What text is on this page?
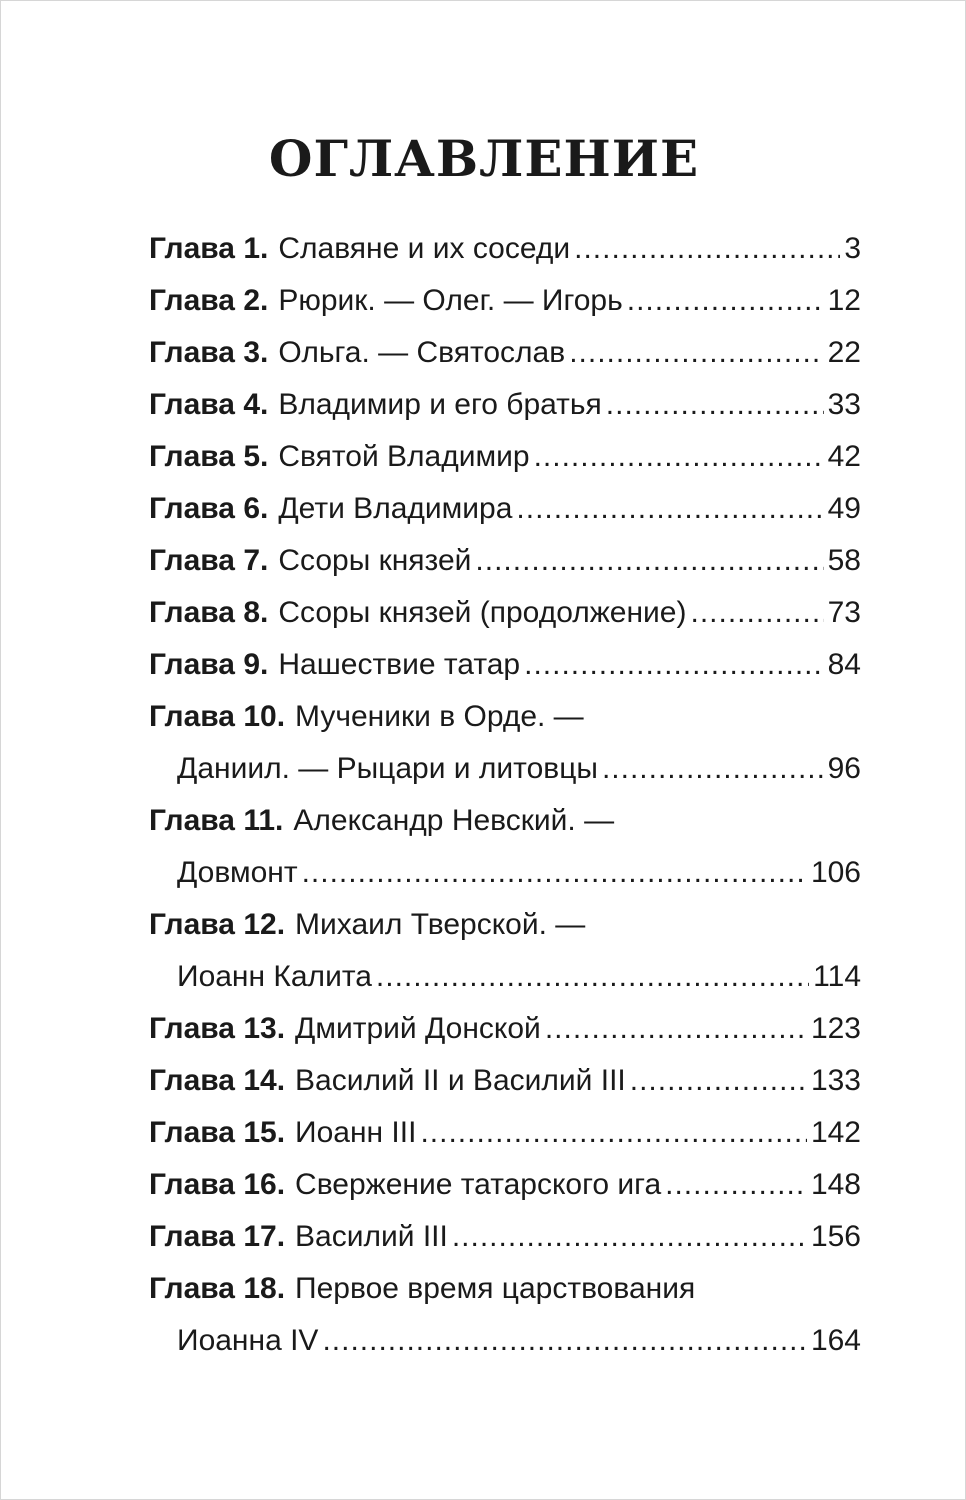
ОГЛАВЛЕНИЕ
Глава 1. Славяне и их соседи .....	3
Глава 2. Рюрик. — Олег. — Игорь .....	12
Глава 3. Ольга. — Святослав .....	22
Глава 4. Владимир и его братья .....	33
Глава 5. Святой Владимир .....	42
Глава 6. Дети Владимира .....	49
Глава 7. Ссоры князей .....	58
Глава 8. Ссоры князей (продолжение) .....	73
Глава 9. Нашествие татар .....	84
Глава 10. Мученики в Орде. —
Даниил. — Рыцари и литовцы .....	96
Глава 11. Александр Невский. —
Довмонт .....	106
Глава 12. Михаил Тверской. —
Иоанн Калита .....	114
Глава 13. Дмитрий Донской .....	123
Глава 14. Василий II и Василий III .....	133
Глава 15. Иоанн III .....	142
Глава 16. Свержение татарского ига .....	148
Глава 17. Василий III .....	156
Глава 18. Первое время царствования
Иоанна IV .....	164
